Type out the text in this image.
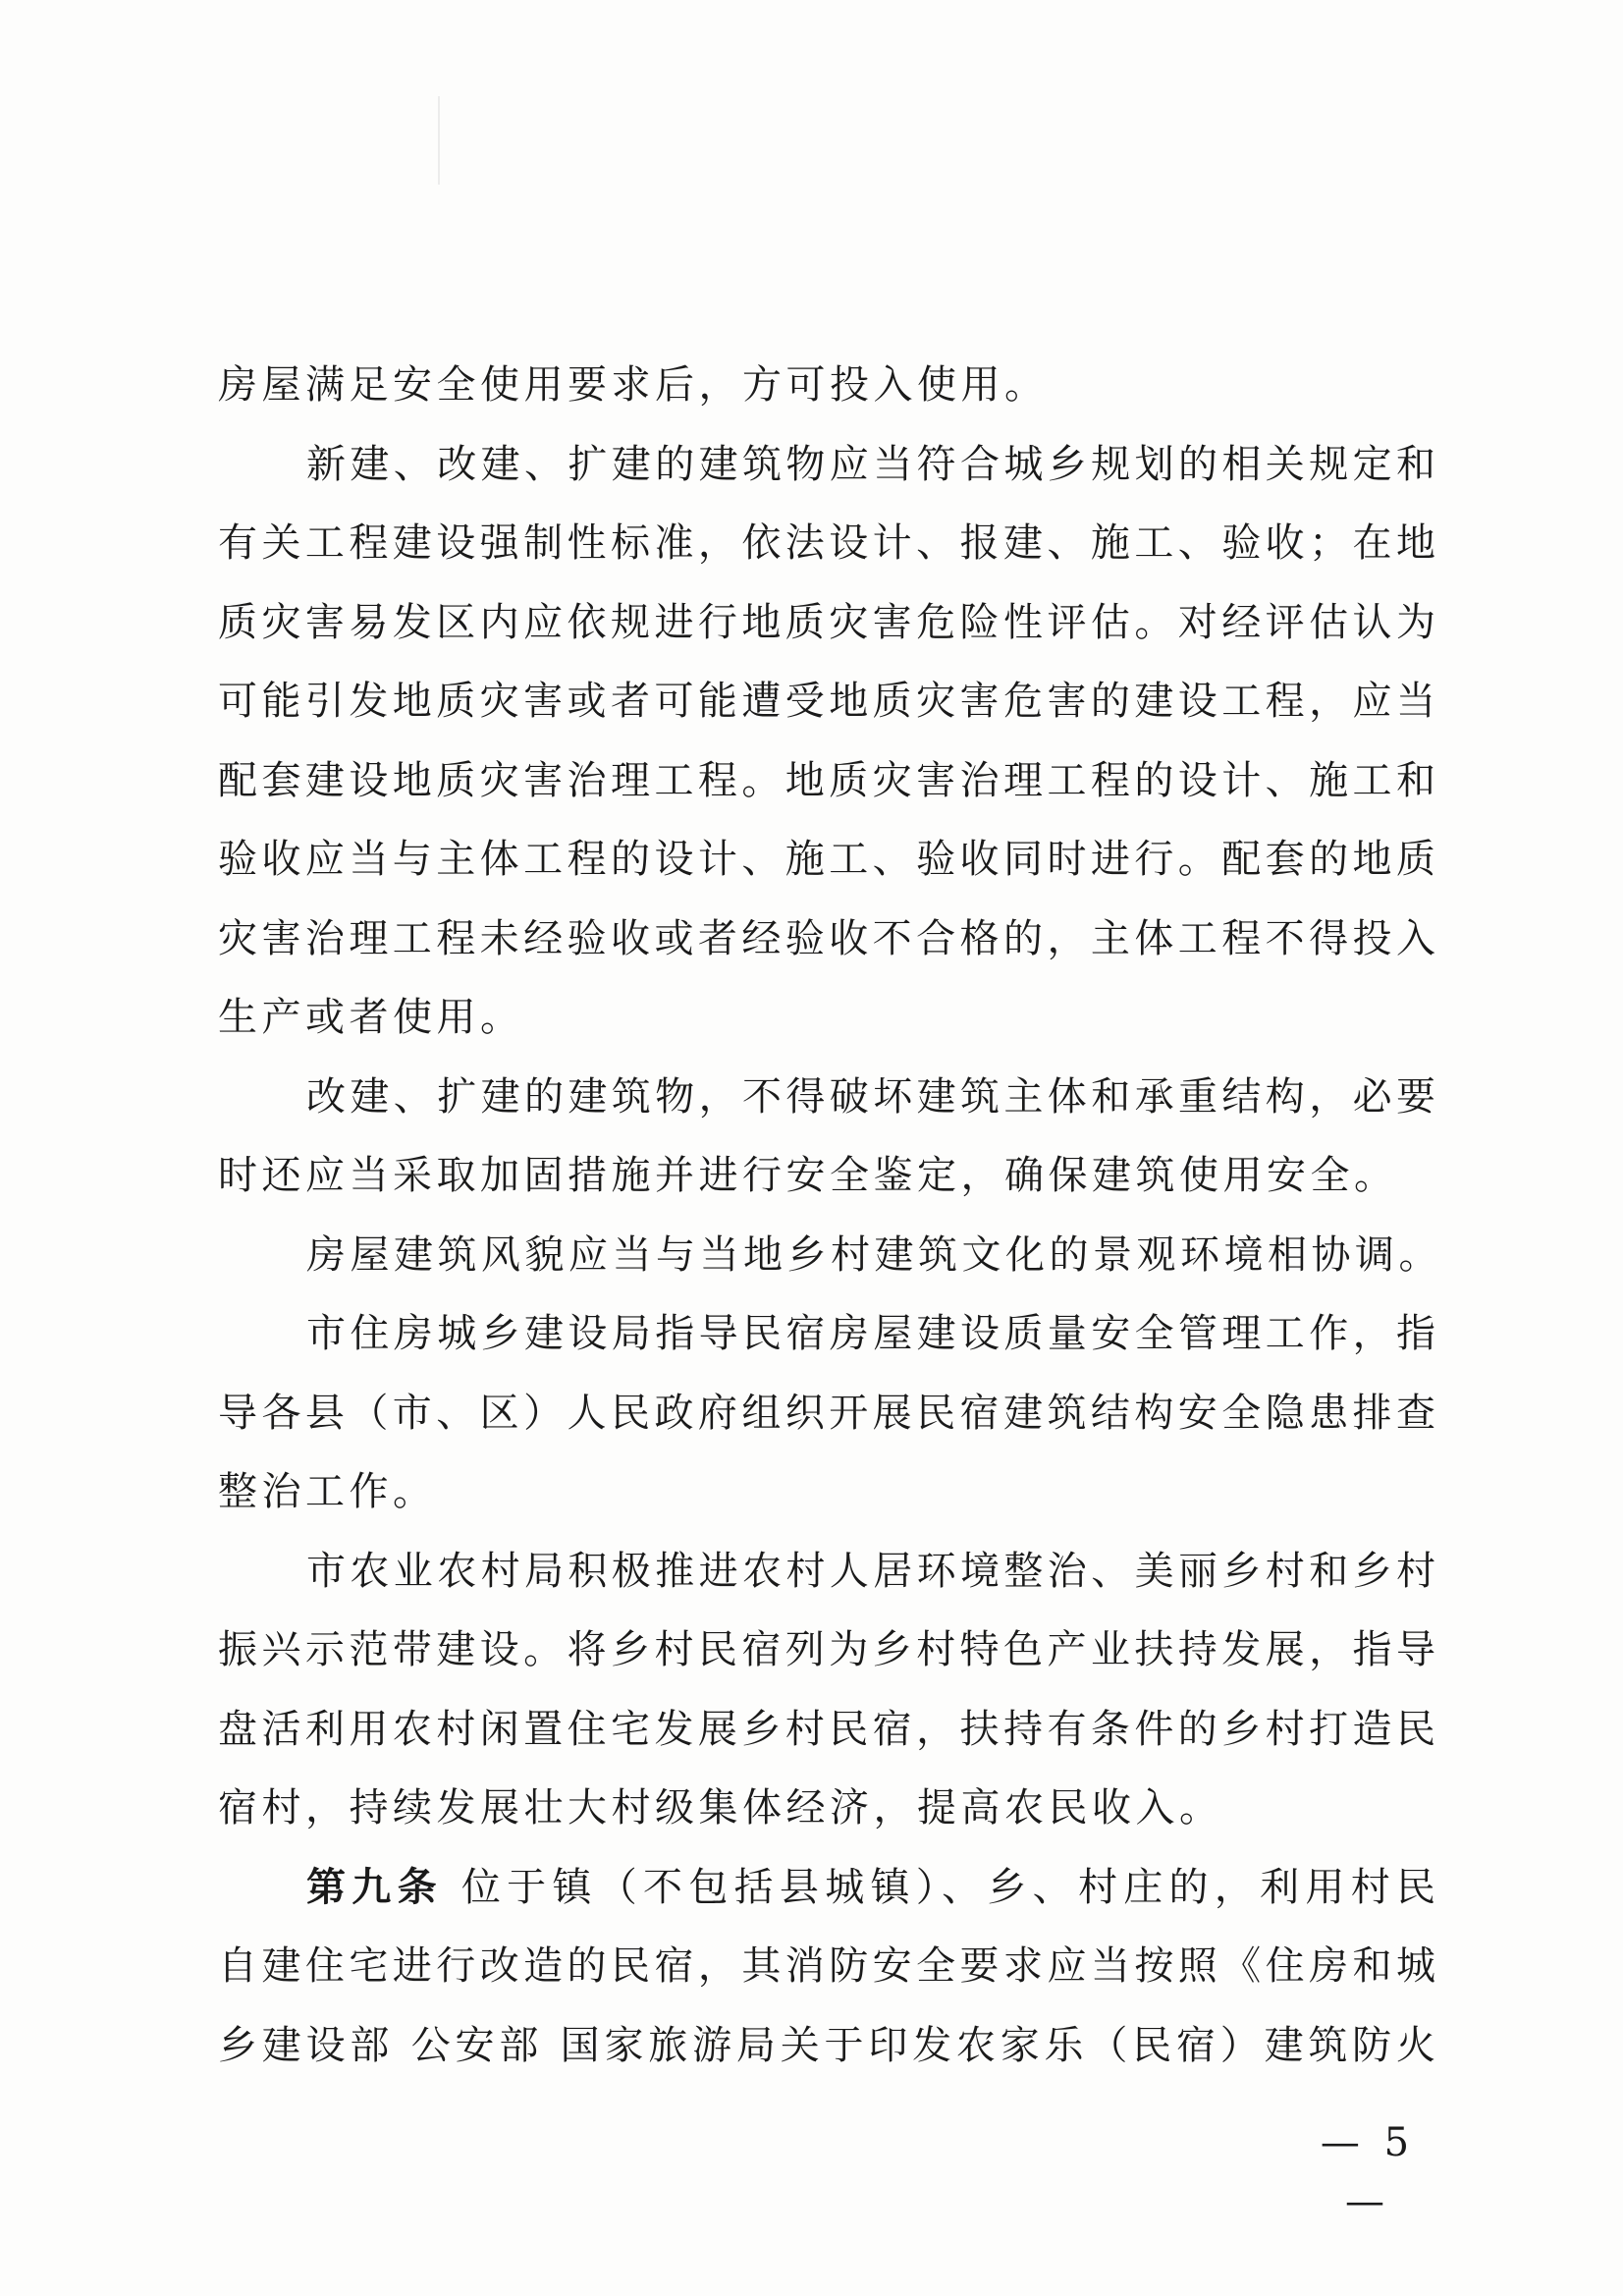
房屋满足安全使用要求后，方可投入使用。
新建、改建、扩建的建筑物应当符合城乡规划的相关规定和
有关工程建设强制性标准，依法设计、报建、施工、验收；在地
质灾害易发区内应依规进行地质灾害危险性评估。对经评估认为
可能引发地质灾害或者可能遭受地质灾害危害的建设工程，应当
配套建设地质灾害治理工程。地质灾害治理工程的设计、施工和
验收应当与主体工程的设计、施工、验收同时进行。配套的地质
灾害治理工程未经验收或者经验收不合格的，主体工程不得投入
生产或者使用。
改建、扩建的建筑物，不得破坏建筑主体和承重结构，必要
时还应当采取加固措施并进行安全鉴定，确保建筑使用安全。
房屋建筑风貌应当与当地乡村建筑文化的景观环境相协调。
市住房城乡建设局指导民宿房屋建设质量安全管理工作，指
导各县（市、区）人民政府组织开展民宿建筑结构安全隐患排查
整治工作。
市农业农村局积极推进农村人居环境整治、美丽乡村和乡村
振兴示范带建设。将乡村民宿列为乡村特色产业扶持发展，指导
盘活利用农村闲置住宅发展乡村民宿，扶持有条件的乡村打造民
宿村，持续发展壮大村级集体经济，提高农民收入。
第九条 位于镇（不包括县城镇）、乡、村庄的，利用村民
自建住宅进行改造的民宿，其消防安全要求应当按照《住房和城
乡建设部 公安部 国家旅游局关于印发农家乐（民宿）建筑防火
— 5 —
